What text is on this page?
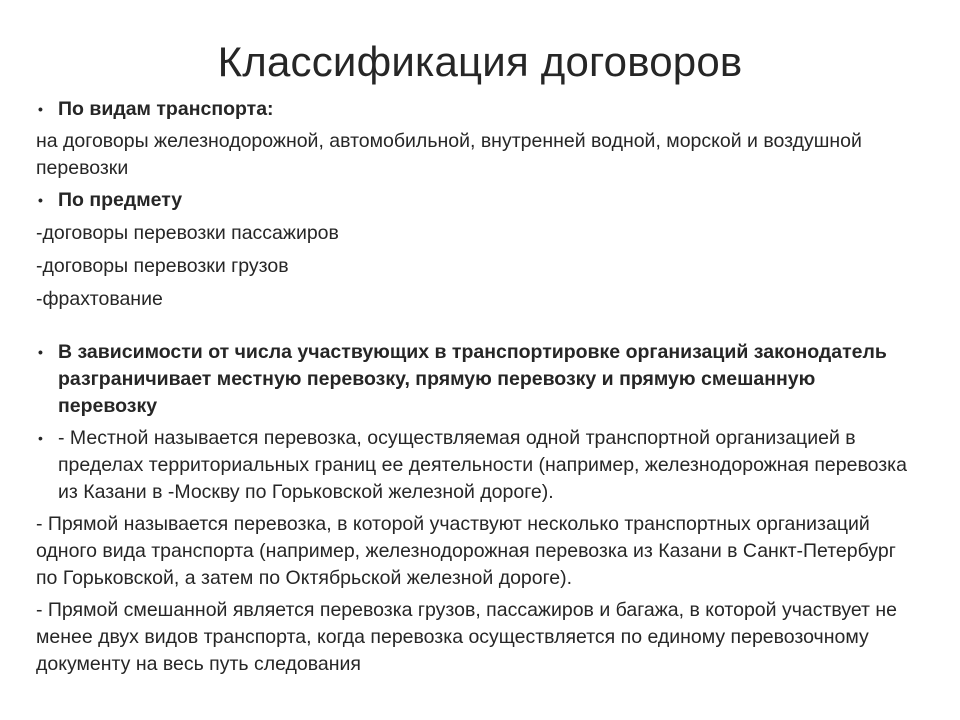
Классификация договоров
• По видам транспорта:
на договоры железнодорожной, автомобильной, внутренней водной, морской и воздушной перевозки
• По предмету
-договоры перевозки пассажиров
-договоры перевозки грузов
-фрахтование
• В зависимости от числа участвующих в транспортировке организаций законодатель разграничивает местную перевозку, прямую перевозку и прямую смешанную перевозку
• - Местной называется перевозка, осуществляемая одной транспортной организацией в пределах территориальных границ ее деятельности (например, железнодорожная перевозка из Казани в -Москву по Горьковской железной дороге).
- Прямой называется перевозка, в которой участвуют несколько транспортных организаций одного вида транспорта (например, железнодорожная перевозка из Казани в Санкт-Петербург по Горьковской, а затем по Октябрьской железной дороге).
- Прямой смешанной является перевозка грузов, пассажиров и багажа, в которой участвует не менее двух видов транспорта, когда перевозка осуществляется по единому перевозочному документу на весь путь следования
